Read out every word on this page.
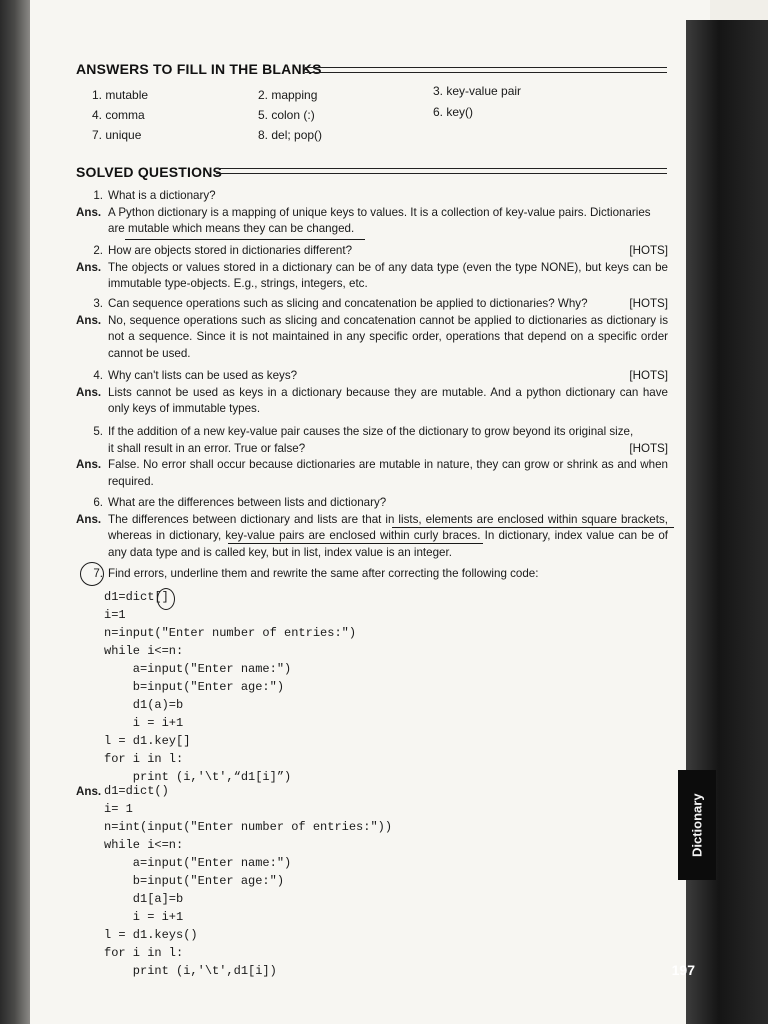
Dictionary
197
ANSWERS TO FILL IN THE BLANKS
1. mutable	2. mapping	3. key-value pair
4. comma	5. colon (:)	6. key()
7. unique	8. del; pop()
SOLVED QUESTIONS
1. What is a dictionary?
Ans. A Python dictionary is a mapping of unique keys to values. It is a collection of key-value pairs. Dictionaries
are mutable which means they can be changed.
2. How are objects stored in dictionaries different?	[HOTS]
Ans. The objects or values stored in a dictionary can be of any data type (even the type NONE), but keys can be immutable type-objects. E.g., strings, integers, etc.
3. Can sequence operations such as slicing and concatenation be applied to dictionaries? Why?	[HOTS]
Ans. No, sequence operations such as slicing and concatenation cannot be applied to dictionaries as dictionary is not a sequence. Since it is not maintained in any specific order, operations that depend on a specific order cannot be used.
4. Why can't lists can be used as keys?	[HOTS]
Ans. Lists cannot be used as keys in a dictionary because they are mutable. And a python dictionary can have only keys of immutable types.
5. If the addition of a new key-value pair causes the size of the dictionary to grow beyond its original size,
it shall result in an error. True or false?	[HOTS]
Ans. False. No error shall occur because dictionaries are mutable in nature, they can grow or shrink as and when required.
6. What are the differences between lists and dictionary?
Ans. The differences between dictionary and lists are that in lists, elements are enclosed within square brackets, whereas in dictionary, key-value pairs are enclosed within curly braces. In dictionary, index value can be of any data type and is called key, but in list, index value is an integer.
7. Find errors, underline them and rewrite the same after correcting the following code:
d1=dict[]
i=1
n=input("Enter number of entries:")
while i<=n:
a=input("Enter name:")
b=input("Enter age:")
d1(a)=b
i = i+1
l = d1.key[]
for i in l:
print (i,'\t',“d1[i]”)
Ans. d1=dict()
i= 1
n=int(input("Enter number of entries:"))
while i<=n:
a=input("Enter name:")
b=input("Enter age:")
d1[a]=b
i = i+1
l = d1.keys()
for i in l:
print (i,'\t',d1[i])
